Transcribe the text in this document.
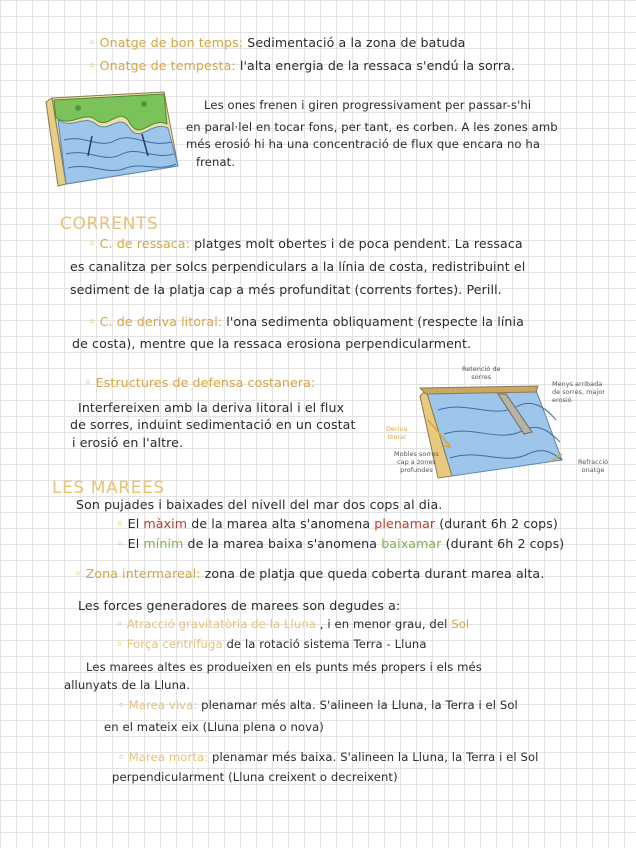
◦ Onatge de bon temps: Sedimentació a la zona de batuda
◦ Onatge de tempesta: l'alta energia de la ressaca s'endú la sorra.
Les ones frenen i giren progressivament per passar-s'hi
en paral·lel en tocar fons, per tant, es corben. A les zones amb
més erosió hi ha una concentració de flux que encara no ha
frenat.
CORRENTS
◦ C. de ressaca: platges molt obertes i de poca pendent. La ressaca
es canalitza per solcs perpendiculars a la línia de costa, redistribuint el
sediment de la platja cap a més profunditat (corrents fortes). Perill.
◦ C. de deriva litoral: l'ona sedimenta obliquament (respecte la línia
de costa), mentre que la ressaca erosiona perpendicularment.
◦ Estructures de defensa costanera:
Interfereixen amb la deriva litoral i el flux
de sorres, induint sedimentació en un costat
i erosió en l'altre.
Retenció de
sorres
Menys arribada
de sorres, major
erosió
Deriva
litoral
Mobles sorres
cap a zones
profundes
Refracció
onatge
LES MAREES
Son pujades i baixades del nivell del mar dos cops al dia.
◦ El màxim de la marea alta s'anomena plenamar (durant 6h 2 cops)
◦ El mínim de la marea baixa s'anomena baixamar (durant 6h 2 cops)
◦ Zona intermareal: zona de platja que queda coberta durant marea alta.
Les forces generadores de marees son degudes a:
◦ Atracció gravitatòria de la Lluna , i en menor grau, del Sol
◦ Força centrífuga de la rotació sistema Terra - Lluna
Les marees altes es produeixen en els punts més propers i els més
allunyats de la Lluna.
◦ Marea viva: plenamar més alta. S'alineen la Lluna, la Terra i el Sol
en el mateix eix (Lluna plena o nova)
◦ Marea morta: plenamar més baixa. S'alineen la Lluna, la Terra i el Sol
perpendicularment (Lluna creixent o decreixent)
